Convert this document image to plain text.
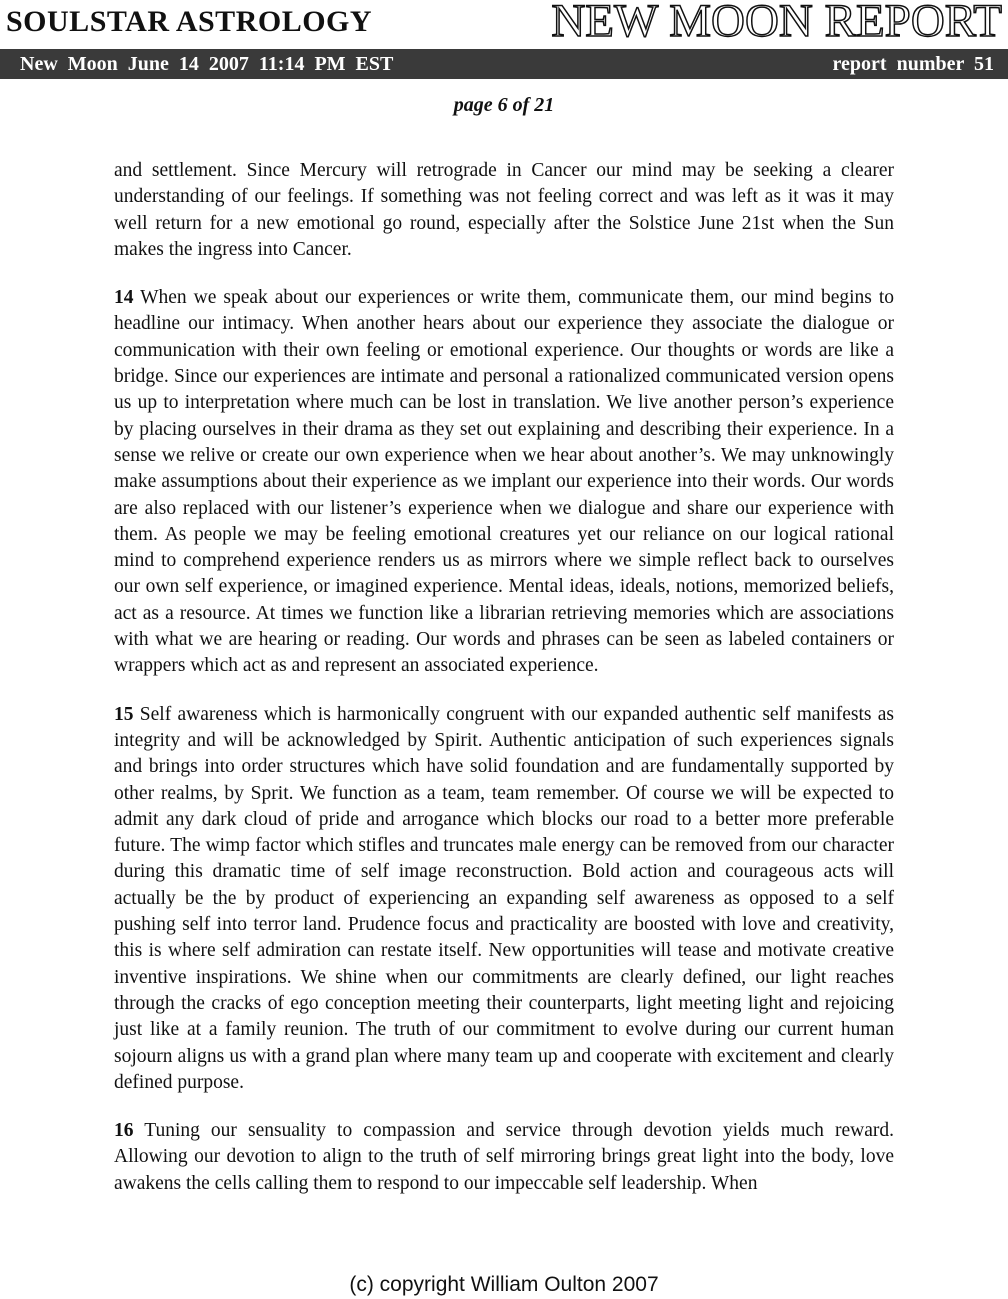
SOULSTAR ASTROLOGY	NEW MOON REPORT
New Moon June 14 2007 11:14 PM EST	report number 51
page 6 of 21

and settlement. Since Mercury will retrograde in Cancer our mind may be seeking a clearer understanding of our feelings. If something was not feeling correct and was left as it was it may well return for a new emotional go round, especially after the Solstice June 21st when the Sun makes the ingress into Cancer.

14 When we speak about our experiences or write them, communicate them, our mind begins to headline our intimacy. When another hears about our experience they associate the dialogue or communication with their own feeling or emotional experience. Our thoughts or words are like a bridge. Since our experiences are intimate and personal a rationalized communicated version opens us up to interpretation where much can be lost in translation. We live another person’s experience by placing ourselves in their drama as they set out explaining and describing their experience. In a sense we relive or create our own experience when we hear about another’s. We may unknowingly make assumptions about their experience as we implant our experience into their words. Our words are also replaced with our listener’s experience when we dialogue and share our experience with them. As people we may be feeling emotional creatures yet our reliance on our logical rational mind to comprehend experience renders us as mirrors where we simple reflect back to ourselves our own self experience, or imagined experience. Mental ideas, ideals, notions, memorized beliefs, act as a resource. At times we function like a librarian retrieving memories which are associations with what we are hearing or reading. Our words and phrases can be seen as labeled containers or wrappers which act as and represent an associated experience.

15 Self awareness which is harmonically congruent with our expanded authentic self manifests as integrity and will be acknowledged by Spirit. Authentic anticipation of such experiences signals and brings into order structures which have solid foundation and are fundamentally supported by other realms, by Sprit. We function as a team, team remember. Of course we will be expected to admit any dark cloud of pride and arrogance which blocks our road to a better more preferable future. The wimp factor which stifles and truncates male energy can be removed from our character during this dramatic time of self image reconstruction. Bold action and courageous acts will actually be the by product of experiencing an expanding self awareness as opposed to a self pushing self into terror land. Prudence focus and practicality are boosted with love and creativity, this is where self admiration can restate itself. New opportunities will tease and motivate creative inventive inspirations. We shine when our commitments are clearly defined, our light reaches through the cracks of ego conception meeting their counterparts, light meeting light and rejoicing just like at a family reunion. The truth of our commitment to evolve during our current human sojourn aligns us with a grand plan where many team up and cooperate with excitement and clearly defined purpose.

16 Tuning our sensuality to compassion and service through devotion yields much reward. Allowing our devotion to align to the truth of self mirroring brings great light into the body, love awakens the cells calling them to respond to our impeccable self leadership. When

(c) copyright William Oulton 2007
